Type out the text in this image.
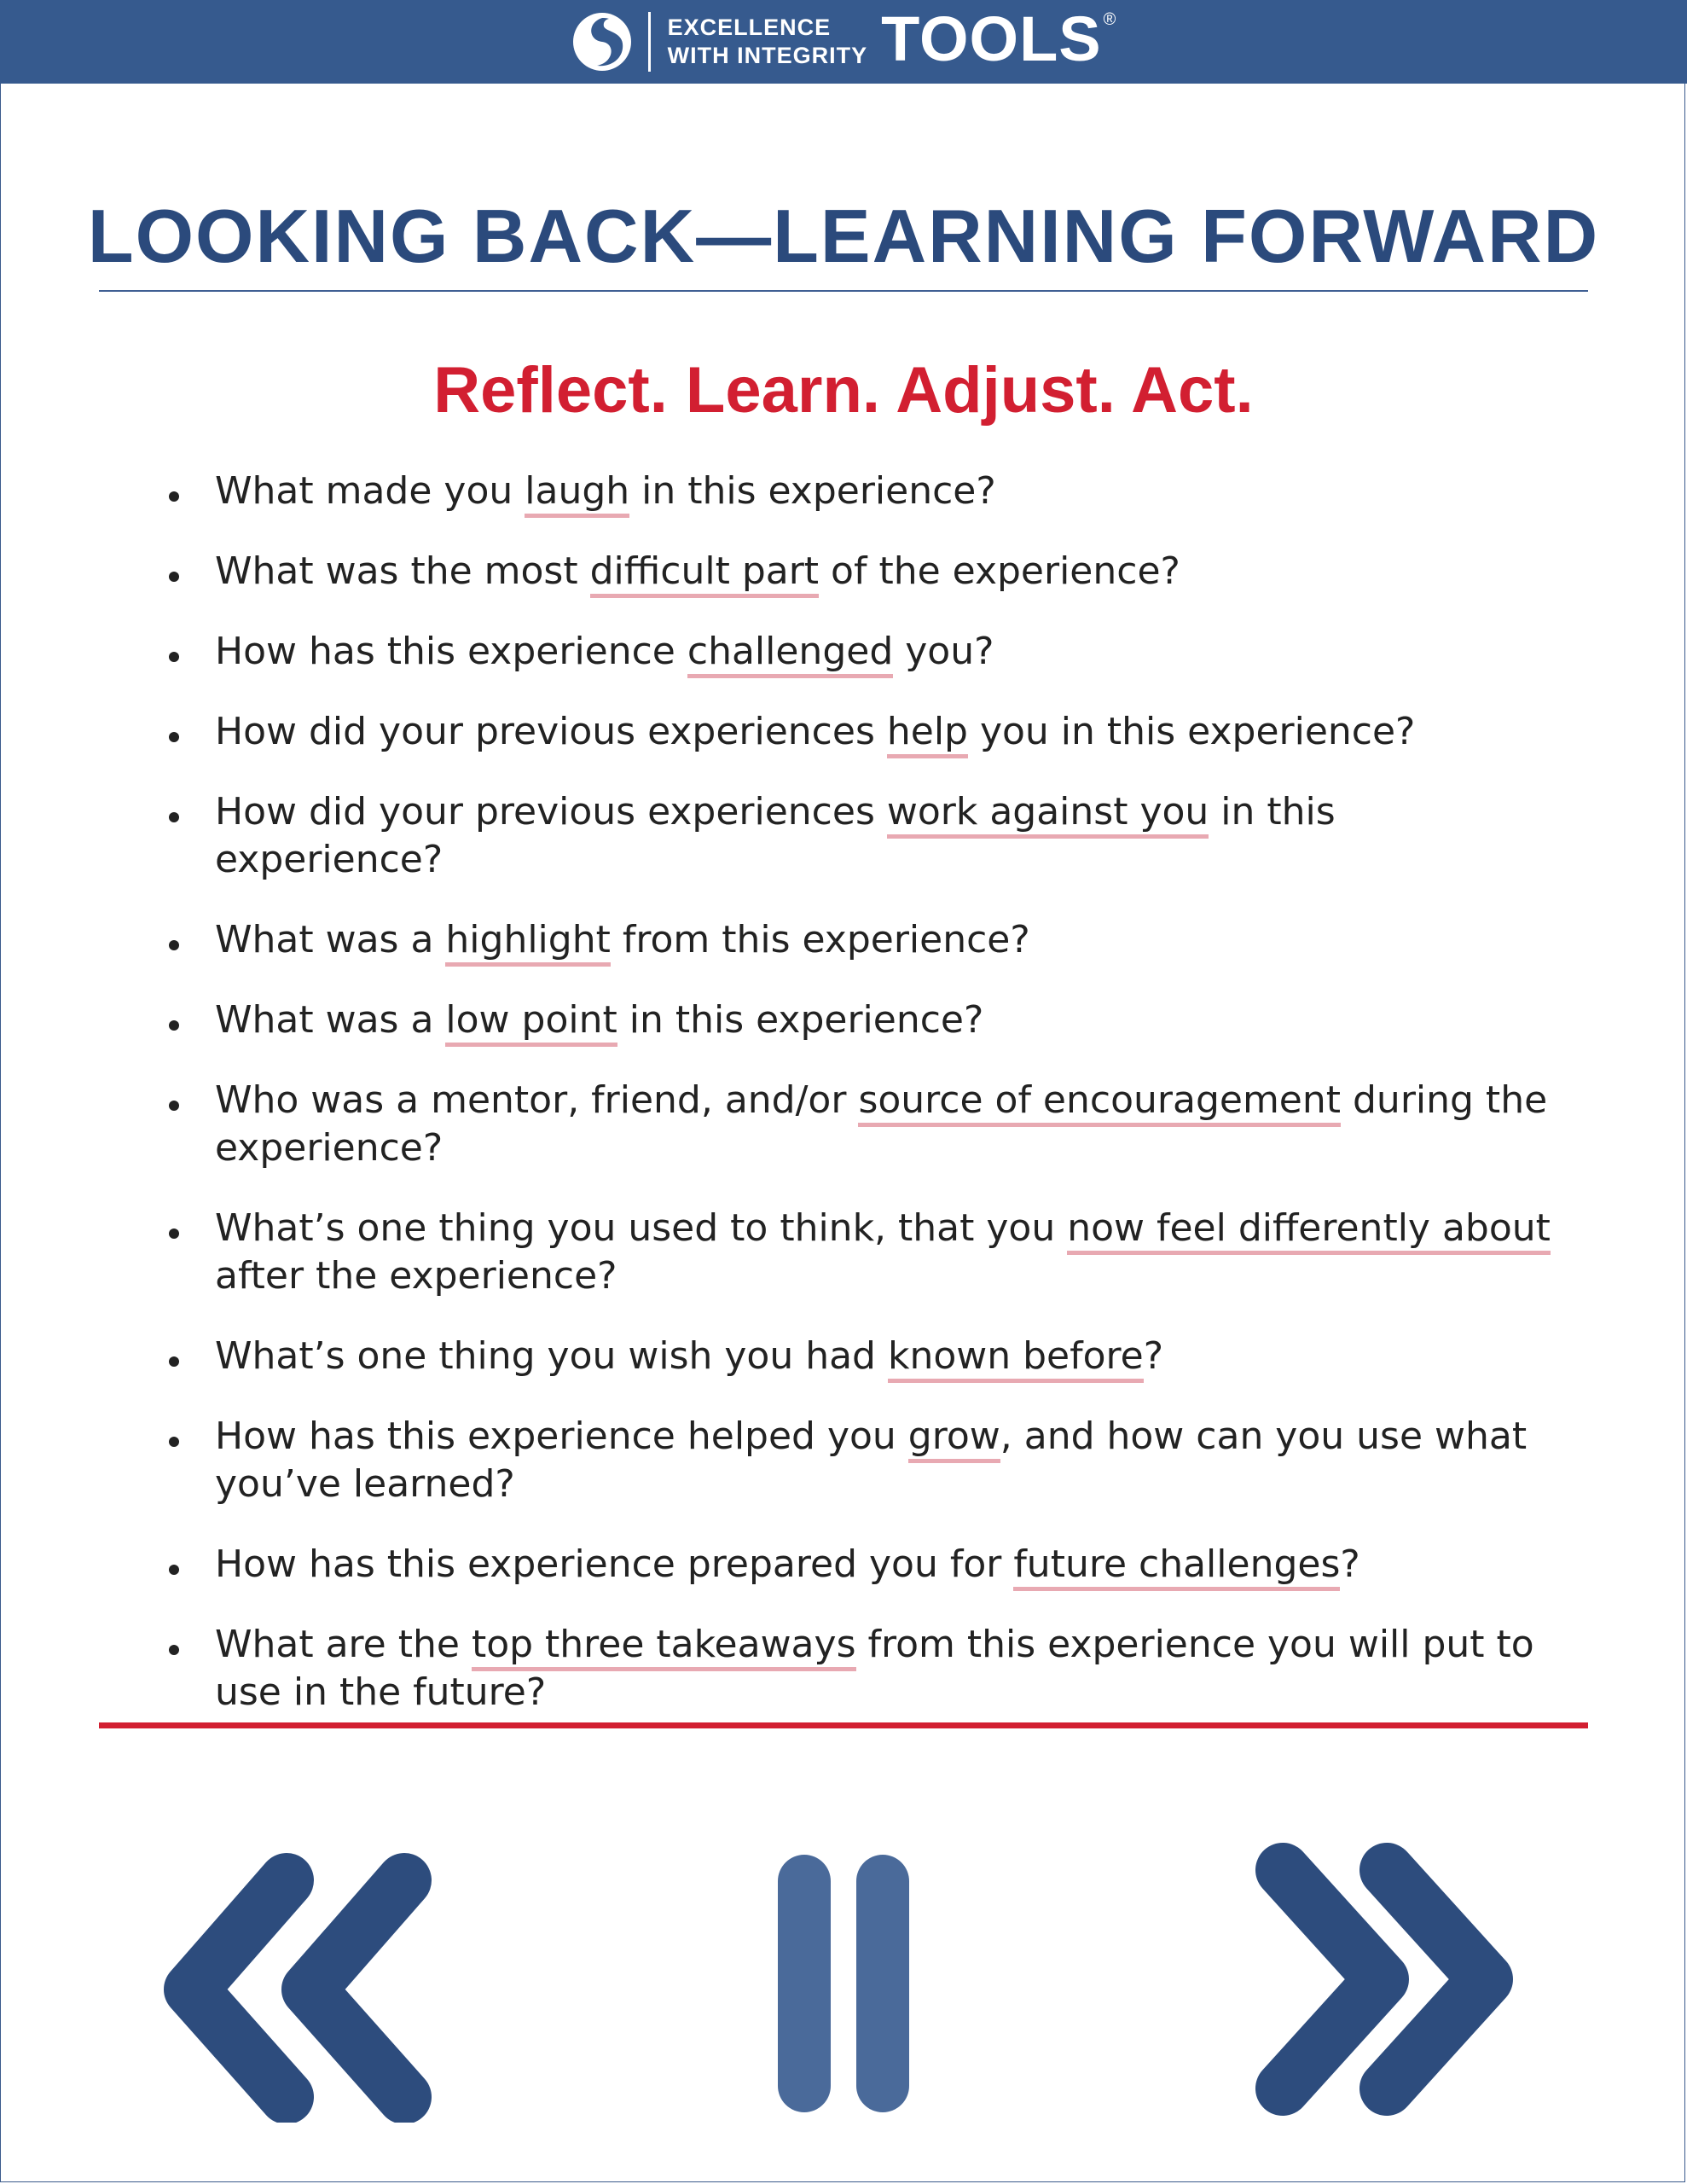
EXCELLENCE
WITH INTEGRITY TOOLS ®
LOOKING BACK—LEARNING FORWARD
Reflect. Learn. Adjust. Act.
What made you laugh in this experience?
What was the most difficult part of the experience?
How has this experience challenged you?
How did your previous experiences help you in this experience?
How did your previous experiences work against you in this experience?
What was a highlight from this experience?
What was a low point in this experience?
Who was a mentor, friend, and/or source of encouragement during the experience?
What’s one thing you used to think, that you now feel differently about after the experience?
What’s one thing you wish you had known before?
How has this experience helped you grow, and how can you use what you’ve learned?
How has this experience prepared you for future challenges?
What are the top three takeaways from this experience you will put to use in the future?
